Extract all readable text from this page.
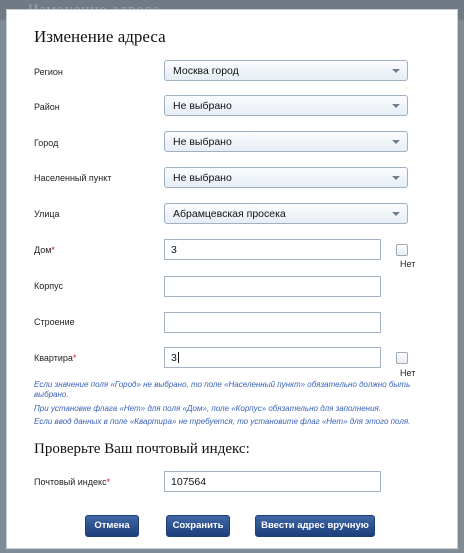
Изменение адреса
Регион	Москва город
Район	Не выбрано
Город	Не выбрано
Населенный пункт	Не выбрано
Улица	Абрамцевская просека
Дом*	3
Нет
Корпус
Строение
Квартира*	3
Нет
Если значение поля «Город» не выбрано, то поле «Населенный пункт» обязательно должно быть выбрано.
При установке флага «Нет» для поля «Дом», поле «Корпус» обязательно для заполнения.
Если ввод данных в поле «Квартира» не требуется, то установите флаг «Нет» для этого поля.
Проверьте Ваш почтовый индекс:
Почтовый индекс*	107564
Отмена	Сохранить	Ввести адрес вручную
